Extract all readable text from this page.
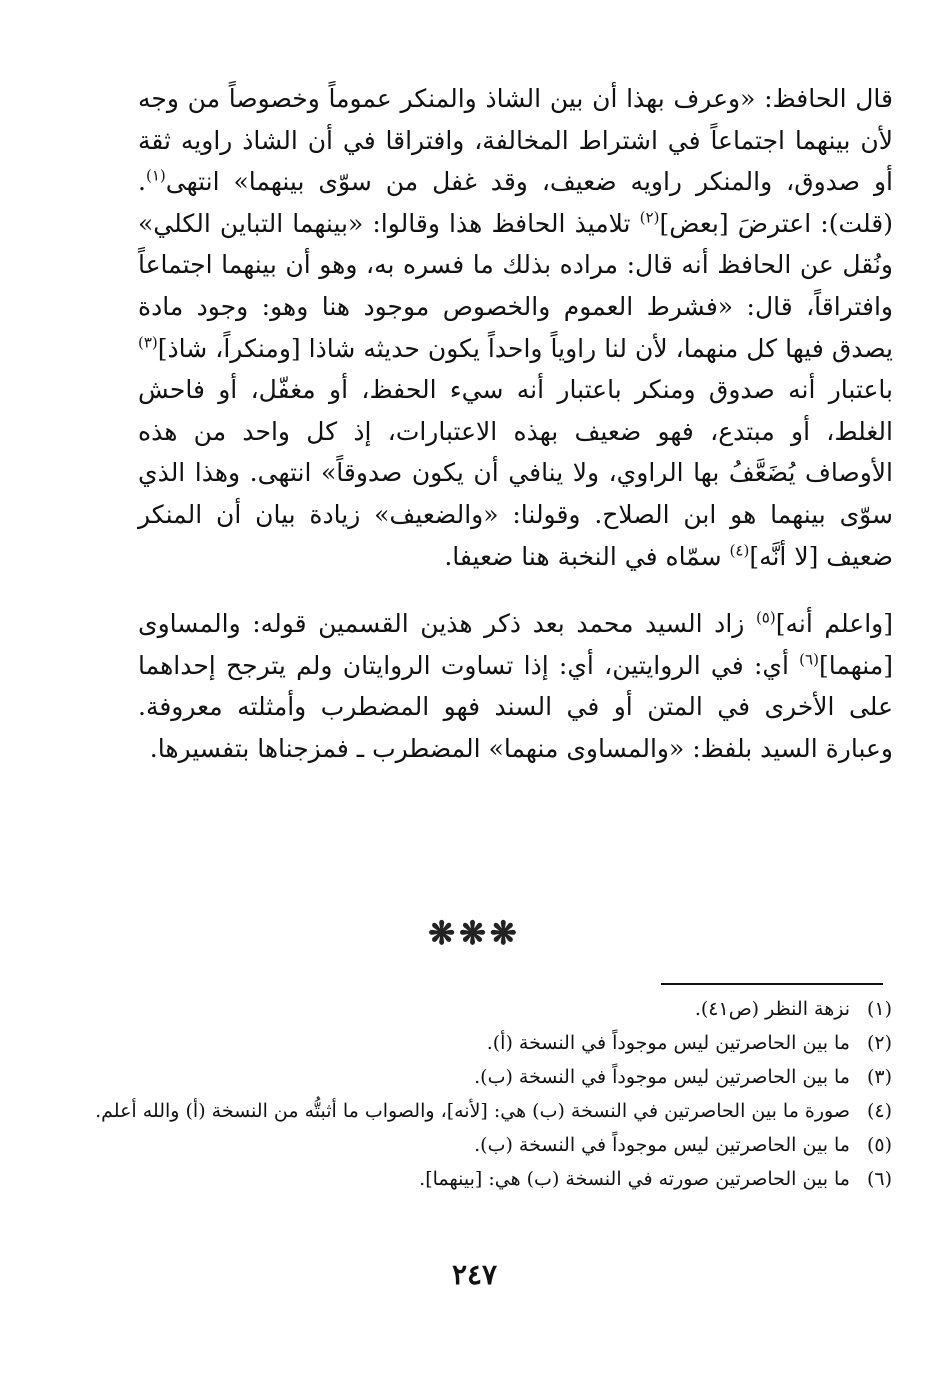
قال الحافظ: «وعرف بهذا أن بين الشاذ والمنكر عموماً وخصوصاً من وجه لأن بينهما اجتماعاً في اشتراط المخالفة، وافتراقا في أن الشاذ راويه ثقة أو صدوق، والمنكر راويه ضعيف، وقد غفل من سوّى بينهما» انتهى$^{(١)}$. (قلت): اعترضَ [بعض]$^{(٢)}$ تلاميذ الحافظ هذا وقالوا: «بينهما التباين الكلي» ونُقل عن الحافظ أنه قال: مراده بذلك ما فسره به، وهو أن بينهما اجتماعاً وافتراقاً، قال: «فشرط العموم والخصوص موجود هنا وهو: وجود مادة يصدق فيها كل منهما، لأن لنا راوياً واحداً يكون حديثه شاذا [ومنكراً، شاذ]$^{(٣)}$ باعتبار أنه صدوق ومنكر باعتبار أنه سيء الحفظ، أو مغفّل، أو فاحش الغلط، أو مبتدع، فهو ضعيف بهذه الاعتبارات، إذ كل واحد من هذه الأوصاف يُضَعَّفُ بها الراوي، ولا ينافي أن يكون صدوقاً» انتهى. وهذا الذي سوّى بينهما هو ابن الصلاح. وقولنا: «والضعيف» زيادة بيان أن المنكر ضعيف [لا أنَّه]$^{(٤)}$ سمّاه في النخبة هنا ضعيفا.

[واعلم أنه]$^{(٥)}$ زاد السيد محمد بعد ذكر هذين القسمين قوله: والمساوى [منهما]$^{(٦)}$ أي: في الروايتين، أي: إذا تساوت الروايتان ولم يترجح إحداهما على الأخرى في المتن أو في السند فهو المضطرب وأمثلته معروفة. وعبارة السيد بلفظ: «والمساوى منهما» المضطرب ـ فمزجناها بتفسيرها.

❋❋❋
(١)
نزهة النظر (ص٤١).
(٢)
ما بين الحاصرتين ليس موجوداً في النسخة (أ).
(٣)
ما بين الحاصرتين ليس موجوداً في النسخة (ب).
(٤)
صورة ما بين الحاصرتين في النسخة (ب) هي: [لأنه]، والصواب ما أثبتُّه من النسخة (أ) والله أعلم.
(٥)
ما بين الحاصرتين ليس موجوداً في النسخة (ب).
(٦)
ما بين الحاصرتين صورته في النسخة (ب) هي: [بينهما].
٢٤٧
